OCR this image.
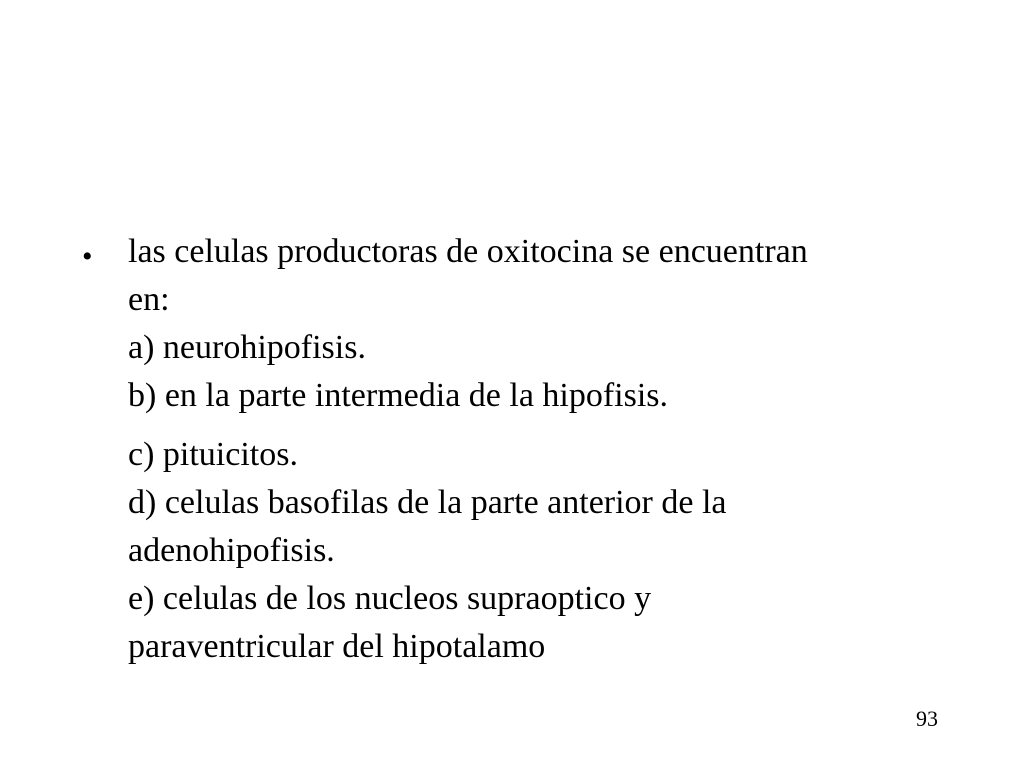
• las celulas productoras de oxitocina se encuentran
en:
a) neurohipofisis.
b) en la parte intermedia de la hipofisis.

c) pituicitos.
d) celulas basofilas de la parte anterior de la
adenohipofisis.
e) celulas de los nucleos supraoptico y
paraventricular del hipotalamo

93
